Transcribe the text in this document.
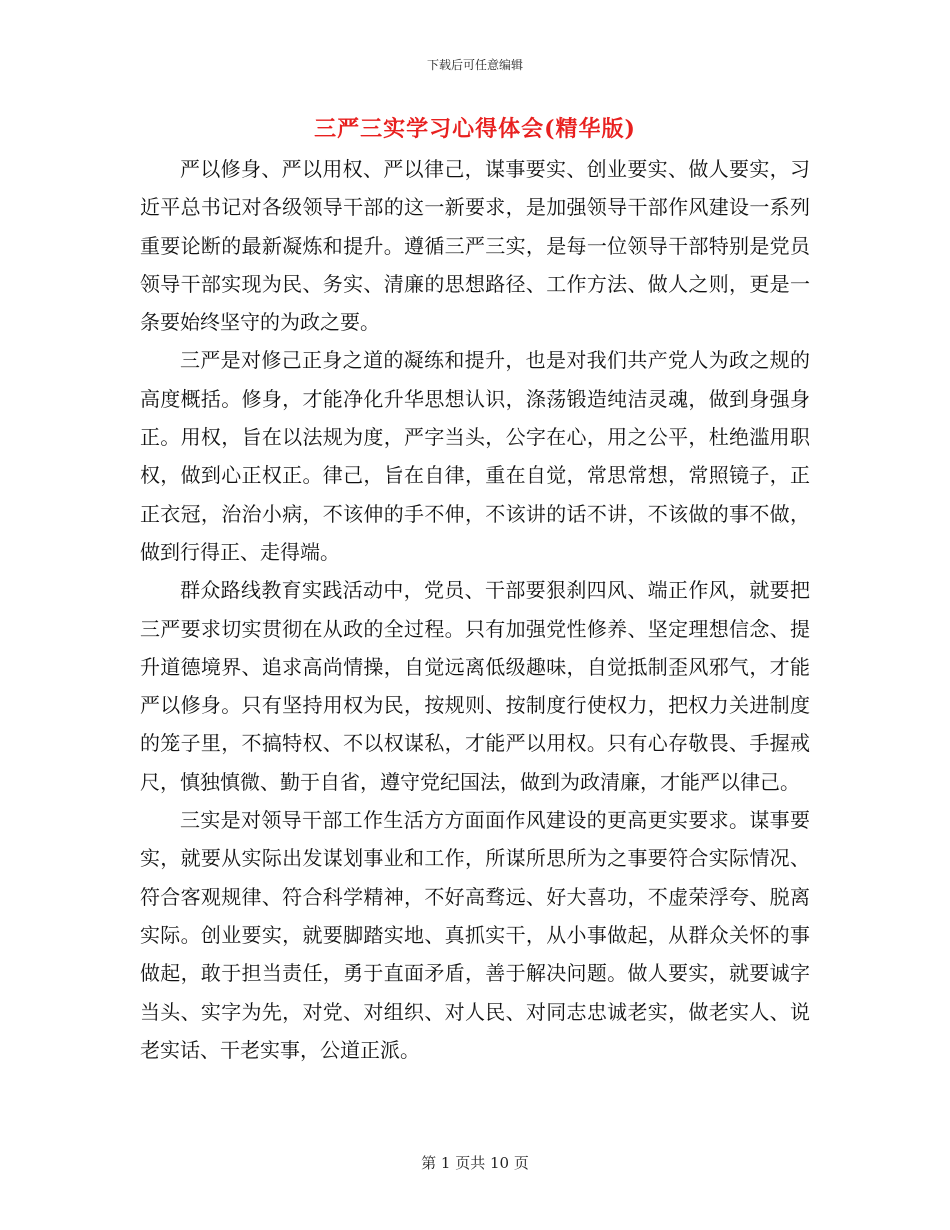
下载后可任意编辑
三严三实学习心得体会(精华版)

严以修身、严以用权、严以律己，谋事要实、创业要实、做人要实，习近平总书记对各级领导干部的这一新要求，是加强领导干部作风建设一系列重要论断的最新凝炼和提升。遵循三严三实，是每一位领导干部特别是党员领导干部实现为民、务实、清廉的思想路径、工作方法、做人之则，更是一条要始终坚守的为政之要。

三严是对修己正身之道的凝练和提升，也是对我们共产党人为政之规的高度概括。修身，才能净化升华思想认识，涤荡锻造纯洁灵魂，做到身强身正。用权，旨在以法规为度，严字当头，公字在心，用之公平，杜绝滥用职权，做到心正权正。律己，旨在自律，重在自觉，常思常想，常照镜子，正正衣冠，治治小病，不该伸的手不伸，不该讲的话不讲，不该做的事不做，做到行得正、走得端。

群众路线教育实践活动中，党员、干部要狠刹四风、端正作风，就要把三严要求切实贯彻在从政的全过程。只有加强党性修养、坚定理想信念、提升道德境界、追求高尚情操，自觉远离低级趣味，自觉抵制歪风邪气，才能严以修身。只有坚持用权为民，按规则、按制度行使权力，把权力关进制度的笼子里，不搞特权、不以权谋私，才能严以用权。只有心存敬畏、手握戒尺，慎独慎微、勤于自省，遵守党纪国法，做到为政清廉，才能严以律己。

三实是对领导干部工作生活方方面面作风建设的更高更实要求。谋事要实，就要从实际出发谋划事业和工作，所谋所思所为之事要符合实际情况、符合客观规律、符合科学精神，不好高骛远、好大喜功，不虚荣浮夸、脱离实际。创业要实，就要脚踏实地、真抓实干，从小事做起，从群众关怀的事做起，敢于担当责任，勇于直面矛盾，善于解决问题。做人要实，就要诚字当头、实字为先，对党、对组织、对人民、对同志忠诚老实，做老实人、说老实话、干老实事，公道正派。

第 1 页共 10 页
